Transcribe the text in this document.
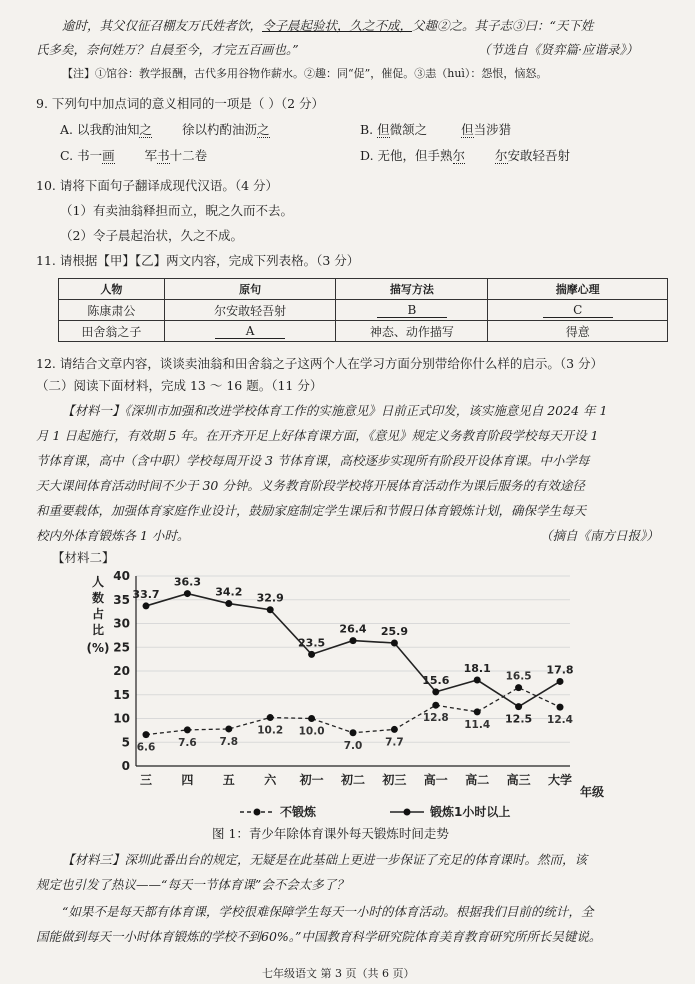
逾时，其父仅征召棚友万氏姓者饮，令子晨起验状，久之不成，父趣②之。其子志③曰：“天下姓
氏多矣，奈何姓万？自晨至今，才完五百画也。”	（节选自《贤弈篇·应谐录》）
【注】①馆谷：教学报酬，古代多用谷物作薪水。②趣：同“促”，催促。③恚（huì）：怨恨，恼怒。
9. 下列句中加点词的意义相同的一项是（ ）（2 分）
A. 以我酌油知之 徐以杓酌油沥之	B. 但微颔之	但当涉猎
C. 书一画 军书十二卷	D. 无他，但手熟尔 尔安敢轻吾射
10. 请将下面句子翻译成现代汉语。（4 分）
（1）有卖油翁释担而立，睨之久而不去。
（2）令子晨起治状，久之不成。
11. 请根据【甲】【乙】两文内容，完成下列表格。（3 分）
人物	原句	描写方法	揣摩心理
陈康肃公	尔安敢轻吾射	B	C
田舍翁之子	A	神态、动作描写	得意
12. 请结合文章内容，谈谈卖油翁和田舍翁之子这两个人在学习方面分别带给你什么样的启示。（3 分）
（二）阅读下面材料，完成 13 ～ 16 题。（11 分）
【材料一】《深圳市加强和改进学校体育工作的实施意见》日前正式印发，该实施意见自 2024 年 1
月 1 日起施行，有效期 5 年。在开齐开足上好体育课方面，《意见》规定义务教育阶段学校每天开设 1
节体育课，高中（含中职）学校每周开设 3 节体育课，高校逐步实现所有阶段开设体育课。中小学每
天大课间体育活动时间不少于 30 分钟。义务教育阶段学校将开展体育活动作为课后服务的有效途径
和重要载体，加强体育家庭作业设计，鼓励家庭制定学生课后和节假日体育锻炼计划，确保学生每天
校内外体育锻炼各 1 小时。	（摘自《南方日报》）
【材料二】
0
5
10
15
20
25
30
35
40
人
数
占
比
(%)
三 四 五 六 初一 初二 初三 高一 高二 高三 大学
年级
6.6 7.6 7.8
10.2 10.0
7.0 7.7
12.8
11.4
16.5
12.4
33.7
36.3
34.2 32.9
23.5
26.4 25.9
15.6
18.1
12.5
17.8
不锻炼	锻炼1小时以上
图 1：青少年除体育课外每天锻炼时间走势
【材料三】深圳此番出台的规定，无疑是在此基础上更进一步保证了充足的体育课时。然而，该
规定也引发了热议——“每天一节体育课”会不会太多了？
“如果不是每天都有体育课，学校很难保障学生每天一小时的体育活动。根据我们目前的统计，全
国能做到每天一小时体育锻炼的学校不到60%。”中国教育科学研究院体育美育教育研究所所长吴键说。
七年级语文 第 3 页（共 6 页）
